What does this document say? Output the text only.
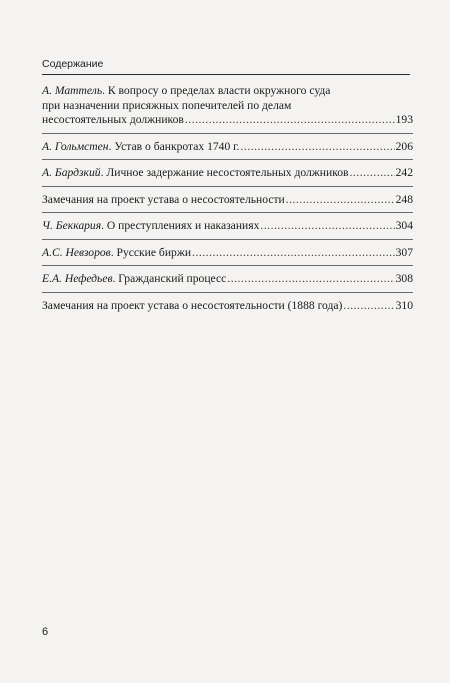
Содержание
А. Маттель. К вопросу о пределах власти окружного суда
при назначении присяжных попечителей по делам
несостоятельных должников .....	193
А. Гольмстен. Устав о банкротах 1740 г. .....	206
А. Бардзкий. Личное задержание несостоятельных должников .....	242
Замечания на проект устава о несостоятельности .....	248
Ч. Беккария. О преступлениях и наказаниях .....	304
А.С. Невзоров. Русские биржи .....	307
Е.А. Нефедьев. Гражданский процесс .....	308
Замечания на проект устава о несостоятельности (1888 года) .....	310
6
